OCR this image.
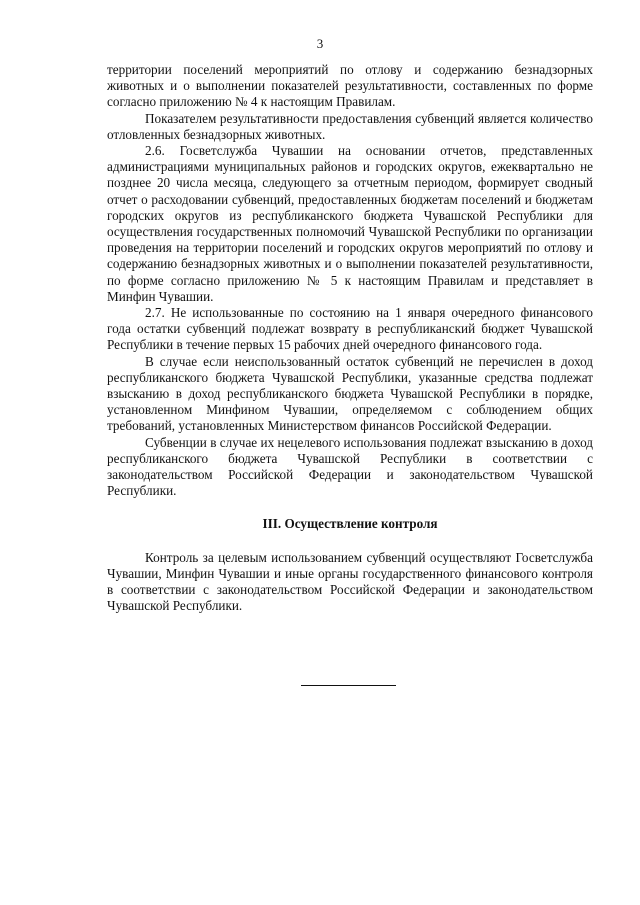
3

территории поселений мероприятий по отлову и содержанию безнадзорных животных и о выполнении показателей результативности, составленных по форме согласно приложению № 4 к настоящим Правилам.

Показателем результативности предоставления субвенций является количество отловленных безнадзорных животных.

2.6. Госветслужба Чувашии на основании отчетов, представленных администрациями муниципальных районов и городских округов, ежеквартально не позднее 20 числа месяца, следующего за отчетным периодом, формирует сводный отчет о расходовании субвенций, предоставленных бюджетам поселений и бюджетам городских округов из республиканского бюджета Чувашской Республики для осуществления государственных полномочий Чувашской Республики по организации проведения на территории поселений и городских округов мероприятий по отлову и содержанию безнадзорных животных и о выполнении показателей результативности, по форме согласно приложению № 5 к настоящим Правилам и представляет в Минфин Чувашии.

2.7. Не использованные по состоянию на 1 января очередного финансового года остатки субвенций подлежат возврату в республиканский бюджет Чувашской Республики в течение первых 15 рабочих дней очередного финансового года.

В случае если неиспользованный остаток субвенций не перечислен в доход республиканского бюджета Чувашской Республики, указанные средства подлежат взысканию в доход республиканского бюджета Чувашской Республики в порядке, установленном Минфином Чувашии, определяемом с соблюдением общих требований, установленных Министерством финансов Российской Федерации.

Субвенции в случае их нецелевого использования подлежат взысканию в доход республиканского бюджета Чувашской Республики в соответствии с законодательством Российской Федерации и законодательством Чувашской Республики.

III. Осуществление контроля

Контроль за целевым использованием субвенций осуществляют Госветслужба Чувашии, Минфин Чувашии и иные органы государственного финансового контроля в соответствии с законодательством Российской Федерации и законодательством Чувашской Республики.
